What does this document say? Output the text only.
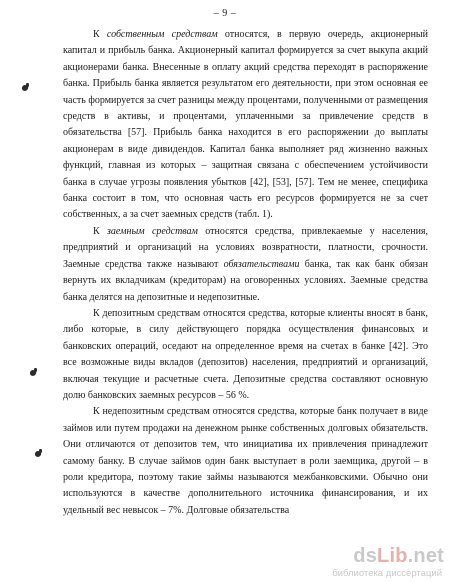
– 9 –

К собственным средствам относятся, в первую очередь, акционерный капитал и прибыль банка. Акционерный капитал формируется за счет выкупа акций акционерами банка. Внесенные в оплату акций средства переходят в распоряжение банка. Прибыль банка является результатом его деятельности, при этом основная ее часть формируется за счет разницы между процентами, полученными от размещения средств в активы, и процентами, уплаченными за привлечение средств в обязательства [57]. Прибыль банка находится в его распоряжении до выплаты акционерам в виде дивидендов. Капитал банка выполняет ряд жизненно важных функций, главная из которых – защитная связана с обеспечением устойчивости банка в случае угрозы появления убытков [42], [53], [57]. Тем не менее, специфика банка состоит в том, что основная часть его ресурсов формируется не за счет собственных, а за счет заемных средств (табл. 1).

К заемным средствам относятся средства, привлекаемые у населения, предприятий и организаций на условиях возвратности, платности, срочности. Заемные средства также называют обязательствами банка, так как банк обязан вернуть их вкладчикам (кредиторам) на оговоренных условиях. Заемные средства банка делятся на депозитные и недепозитные.

К депозитным средствам относятся средства, которые клиенты вносят в банк, либо которые, в силу действующего порядка осуществления финансовых и банковских операций, оседают на определенное время на счетах в банке [42]. Это все возможные виды вкладов (депозитов) населения, предприятий и организаций, включая текущие и расчетные счета. Депозитные средства составляют основную долю банковских заемных ресурсов – 56 %.

К недепозитным средствам относятся средства, которые банк получает в виде займов или путем продажи на денежном рынке собственных долговых обязательств. Они отличаются от депозитов тем, что инициатива их привлечения принадлежит самому банку. В случае займов один банк выступает в роли заемщика, другой – в роли кредитора, поэтому такие займы называются межбанковскими. Обычно они используются в качестве дополнительного источника финансирования, и их удельный вес невысок – 7%. Долговые обязательства

dsLib.net
библиотека диссертаций
